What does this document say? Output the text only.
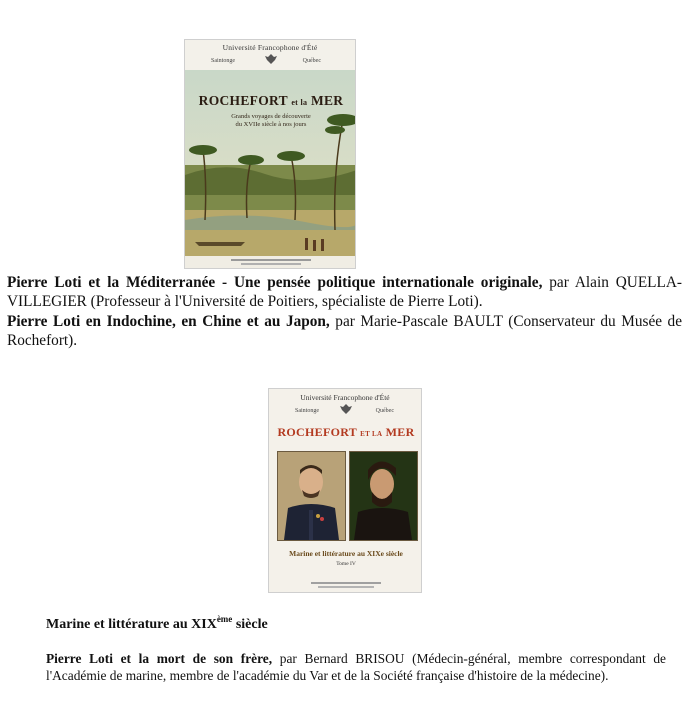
Université Francophone d'Été
Saintonge	Québec
ROCHEFORT et la MER
Grands voyages de découverte
du XVIIe siècle à nos jours

Pierre Loti et la Méditerranée - Une pensée politique internationale originale, par Alain QUELLA-VILLEGIER (Professeur à l'Université de Poitiers, spécialiste de Pierre Loti).

Pierre Loti en Indochine, en Chine et au Japon, par Marie-Pascale BAULT (Conservateur du Musée de Rochefort).

Université Francophone d'Été
Saintonge	Québec
ROCHEFORT ET LA MER
Marine et littérature au XIXe siècle
Tome IV

Marine et littérature au XIXème siècle

Pierre Loti et la mort de son frère, par Bernard BRISOU (Médecin-général, membre correspondant de l'Académie de marine, membre de l'académie du Var et de la Société française d'histoire de la médecine).
